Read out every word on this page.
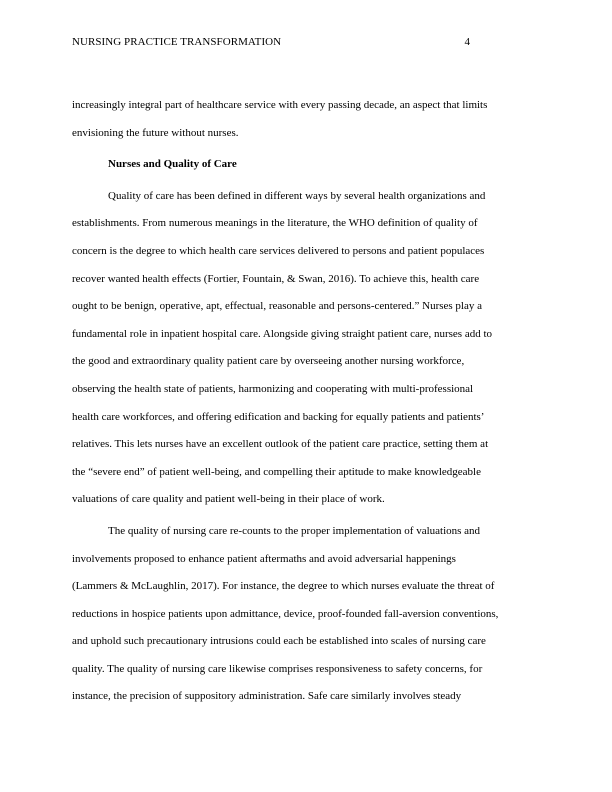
NURSING PRACTICE TRANSFORMATION	4
increasingly integral part of healthcare service with every passing decade, an aspect that limits
envisioning the future without nurses.
Nurses and Quality of Care
Quality of care has been defined in different ways by several health organizations and
establishments. From numerous meanings in the literature, the WHO definition of quality of
concern is the degree to which health care services delivered to persons and patient populaces
recover wanted health effects (Fortier, Fountain, & Swan, 2016). To achieve this, health care
ought to be benign, operative, apt, effectual, reasonable and persons-centered.” Nurses play a
fundamental role in inpatient hospital care. Alongside giving straight patient care, nurses add to
the good and extraordinary quality patient care by overseeing another nursing workforce,
observing the health state of patients, harmonizing and cooperating with multi-professional
health care workforces, and offering edification and backing for equally patients and patients’
relatives. This lets nurses have an excellent outlook of the patient care practice, setting them at
the “severe end” of patient well-being, and compelling their aptitude to make knowledgeable
valuations of care quality and patient well-being in their place of work.
The quality of nursing care re-counts to the proper implementation of valuations and
involvements proposed to enhance patient aftermaths and avoid adversarial happenings
(Lammers & McLaughlin, 2017). For instance, the degree to which nurses evaluate the threat of
reductions in hospice patients upon admittance, device, proof-founded fall-aversion conventions,
and uphold such precautionary intrusions could each be established into scales of nursing care
quality. The quality of nursing care likewise comprises responsiveness to safety concerns, for
instance, the precision of suppository administration. Safe care similarly involves steady
